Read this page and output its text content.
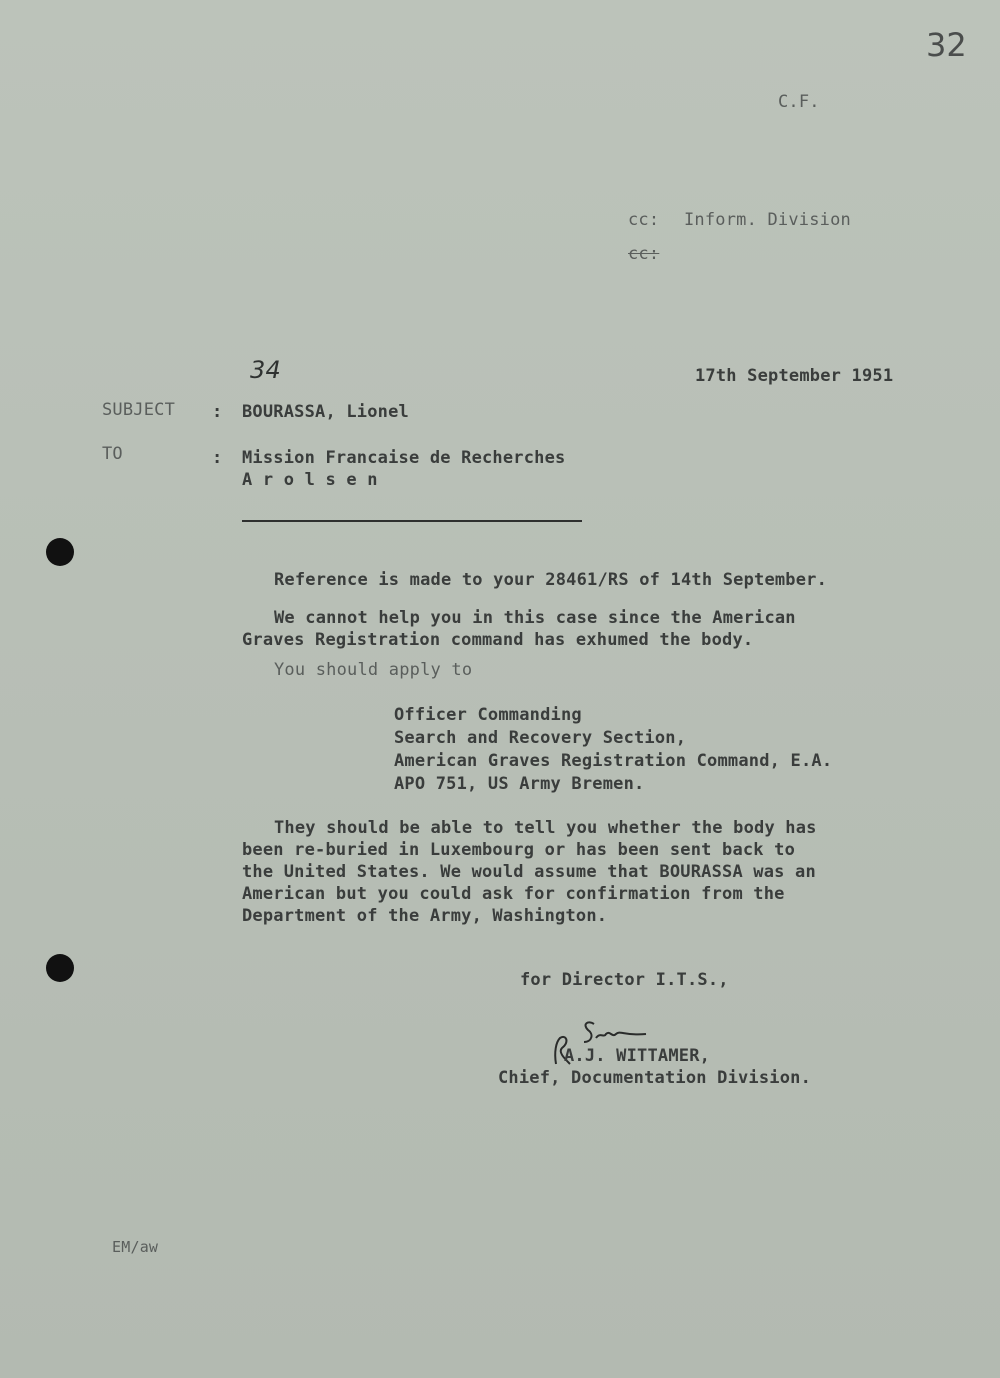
32
C.F.
cc: Inform. Division
cc:
34	17th September 1951
SUBJECT : BOURASSA, Lionel
TO	: Mission Francaise de Recherches
A r o l s e n
Reference is made to your 28461/RS of 14th September.
We cannot help you in this case since the American
Graves Registration command has exhumed the body.
You should apply to
Officer Commanding
Search and Recovery Section,
American Graves Registration Command, E.A.
APO 751, US Army Bremen.
They should be able to tell you whether the body has
been re-buried in Luxembourg or has been sent back to
the United States. We would assume that BOURASSA was an
American but you could ask for confirmation from the
Department of the Army, Washington.
for Director I.T.S.,
A.J. WITTAMER,
Chief, Documentation Division.
EM/aw
